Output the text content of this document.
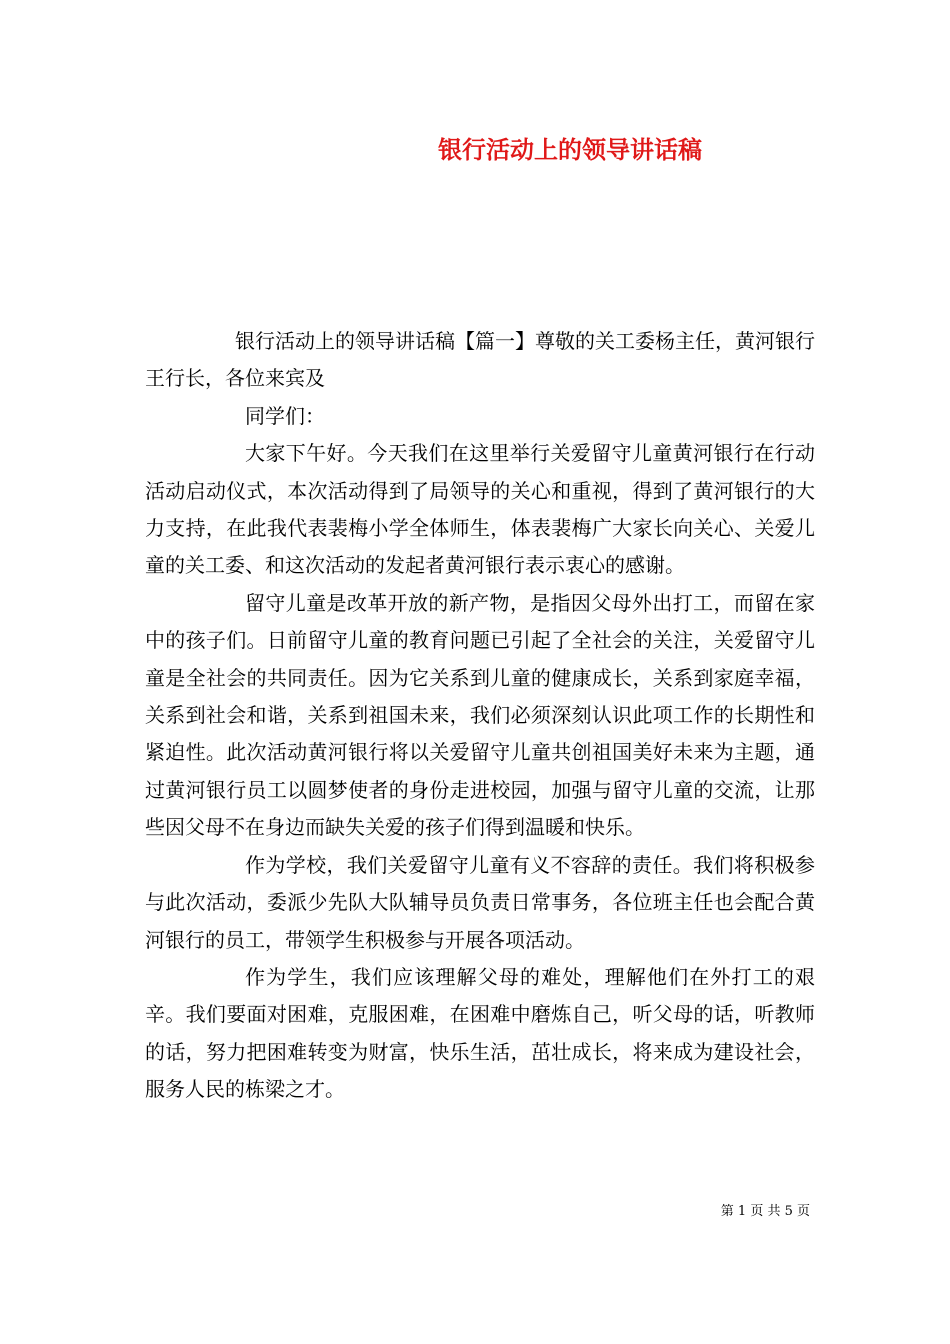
银行活动上的领导讲话稿

银行活动上的领导讲话稿【篇一】尊敬的关工委杨主任，黄河银行王行长，各位来宾及

同学们：

大家下午好。今天我们在这里举行关爱留守儿童黄河银行在行动活动启动仪式，本次活动得到了局领导的关心和重视，得到了黄河银行的大力支持，在此我代表裴梅小学全体师生，体表裴梅广大家长向关心、关爱儿童的关工委、和这次活动的发起者黄河银行表示衷心的感谢。

留守儿童是改革开放的新产物，是指因父母外出打工，而留在家中的孩子们。日前留守儿童的教育问题已引起了全社会的关注，关爱留守儿童是全社会的共同责任。因为它关系到儿童的健康成长，关系到家庭幸福，关系到社会和谐，关系到祖国未来，我们必须深刻认识此项工作的长期性和紧迫性。此次活动黄河银行将以关爱留守儿童共创祖国美好未来为主题，通过黄河银行员工以圆梦使者的身份走进校园，加强与留守儿童的交流，让那些因父母不在身边而缺失关爱的孩子们得到温暖和快乐。

作为学校，我们关爱留守儿童有义不容辞的责任。我们将积极参与此次活动，委派少先队大队辅导员负责日常事务，各位班主任也会配合黄河银行的员工，带领学生积极参与开展各项活动。

作为学生，我们应该理解父母的难处，理解他们在外打工的艰辛。我们要面对困难，克服困难，在困难中磨炼自己，听父母的话，听教师的话，努力把困难转变为财富，快乐生活，茁壮成长，将来成为建设社会，服务人民的栋梁之才。

第 1 页 共 5 页
